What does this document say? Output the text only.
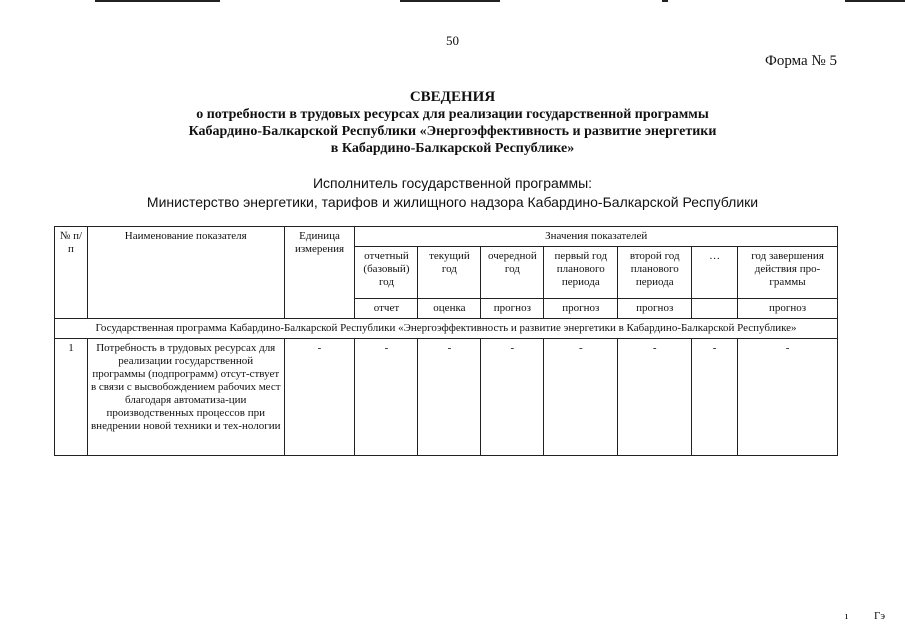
50
Форма № 5
СВЕДЕНИЯ
о потребности в трудовых ресурсах для реализации государственной программы
Кабардино-Балкарской Республики «Энергоэффективность и развитие энергетики
в Кабардино-Балкарской Республике»
Исполнитель государственной программы:
Министерство энергетики, тарифов и жилищного надзора Кабардино-Балкарской Республики
№ п/п	Наименование показателя	Единица измерения	Значения показателей						
			отчетный (базовый) год	текущий год	очередной год	первый год планового периода	второй год планового периода	…	год завершения действия про-граммы
			отчет	оценка	прогноз	прогноз	прогноз		прогноз
Государственная программа Кабардино-Балкарской Республики «Энергоэффективность и развитие энергетики в Кабардино-Балкарской Республике»									
1	Потребность в трудовых ресурсах для реализации государственной программы (подпрограмм) отсут-ствует в связи с высвобождением рабочих мест благодаря автоматиза-ции производственных процессов при внедрении новой техники и тех-нологии	-	-	-	-	-	-	-	-
ı Гэ
